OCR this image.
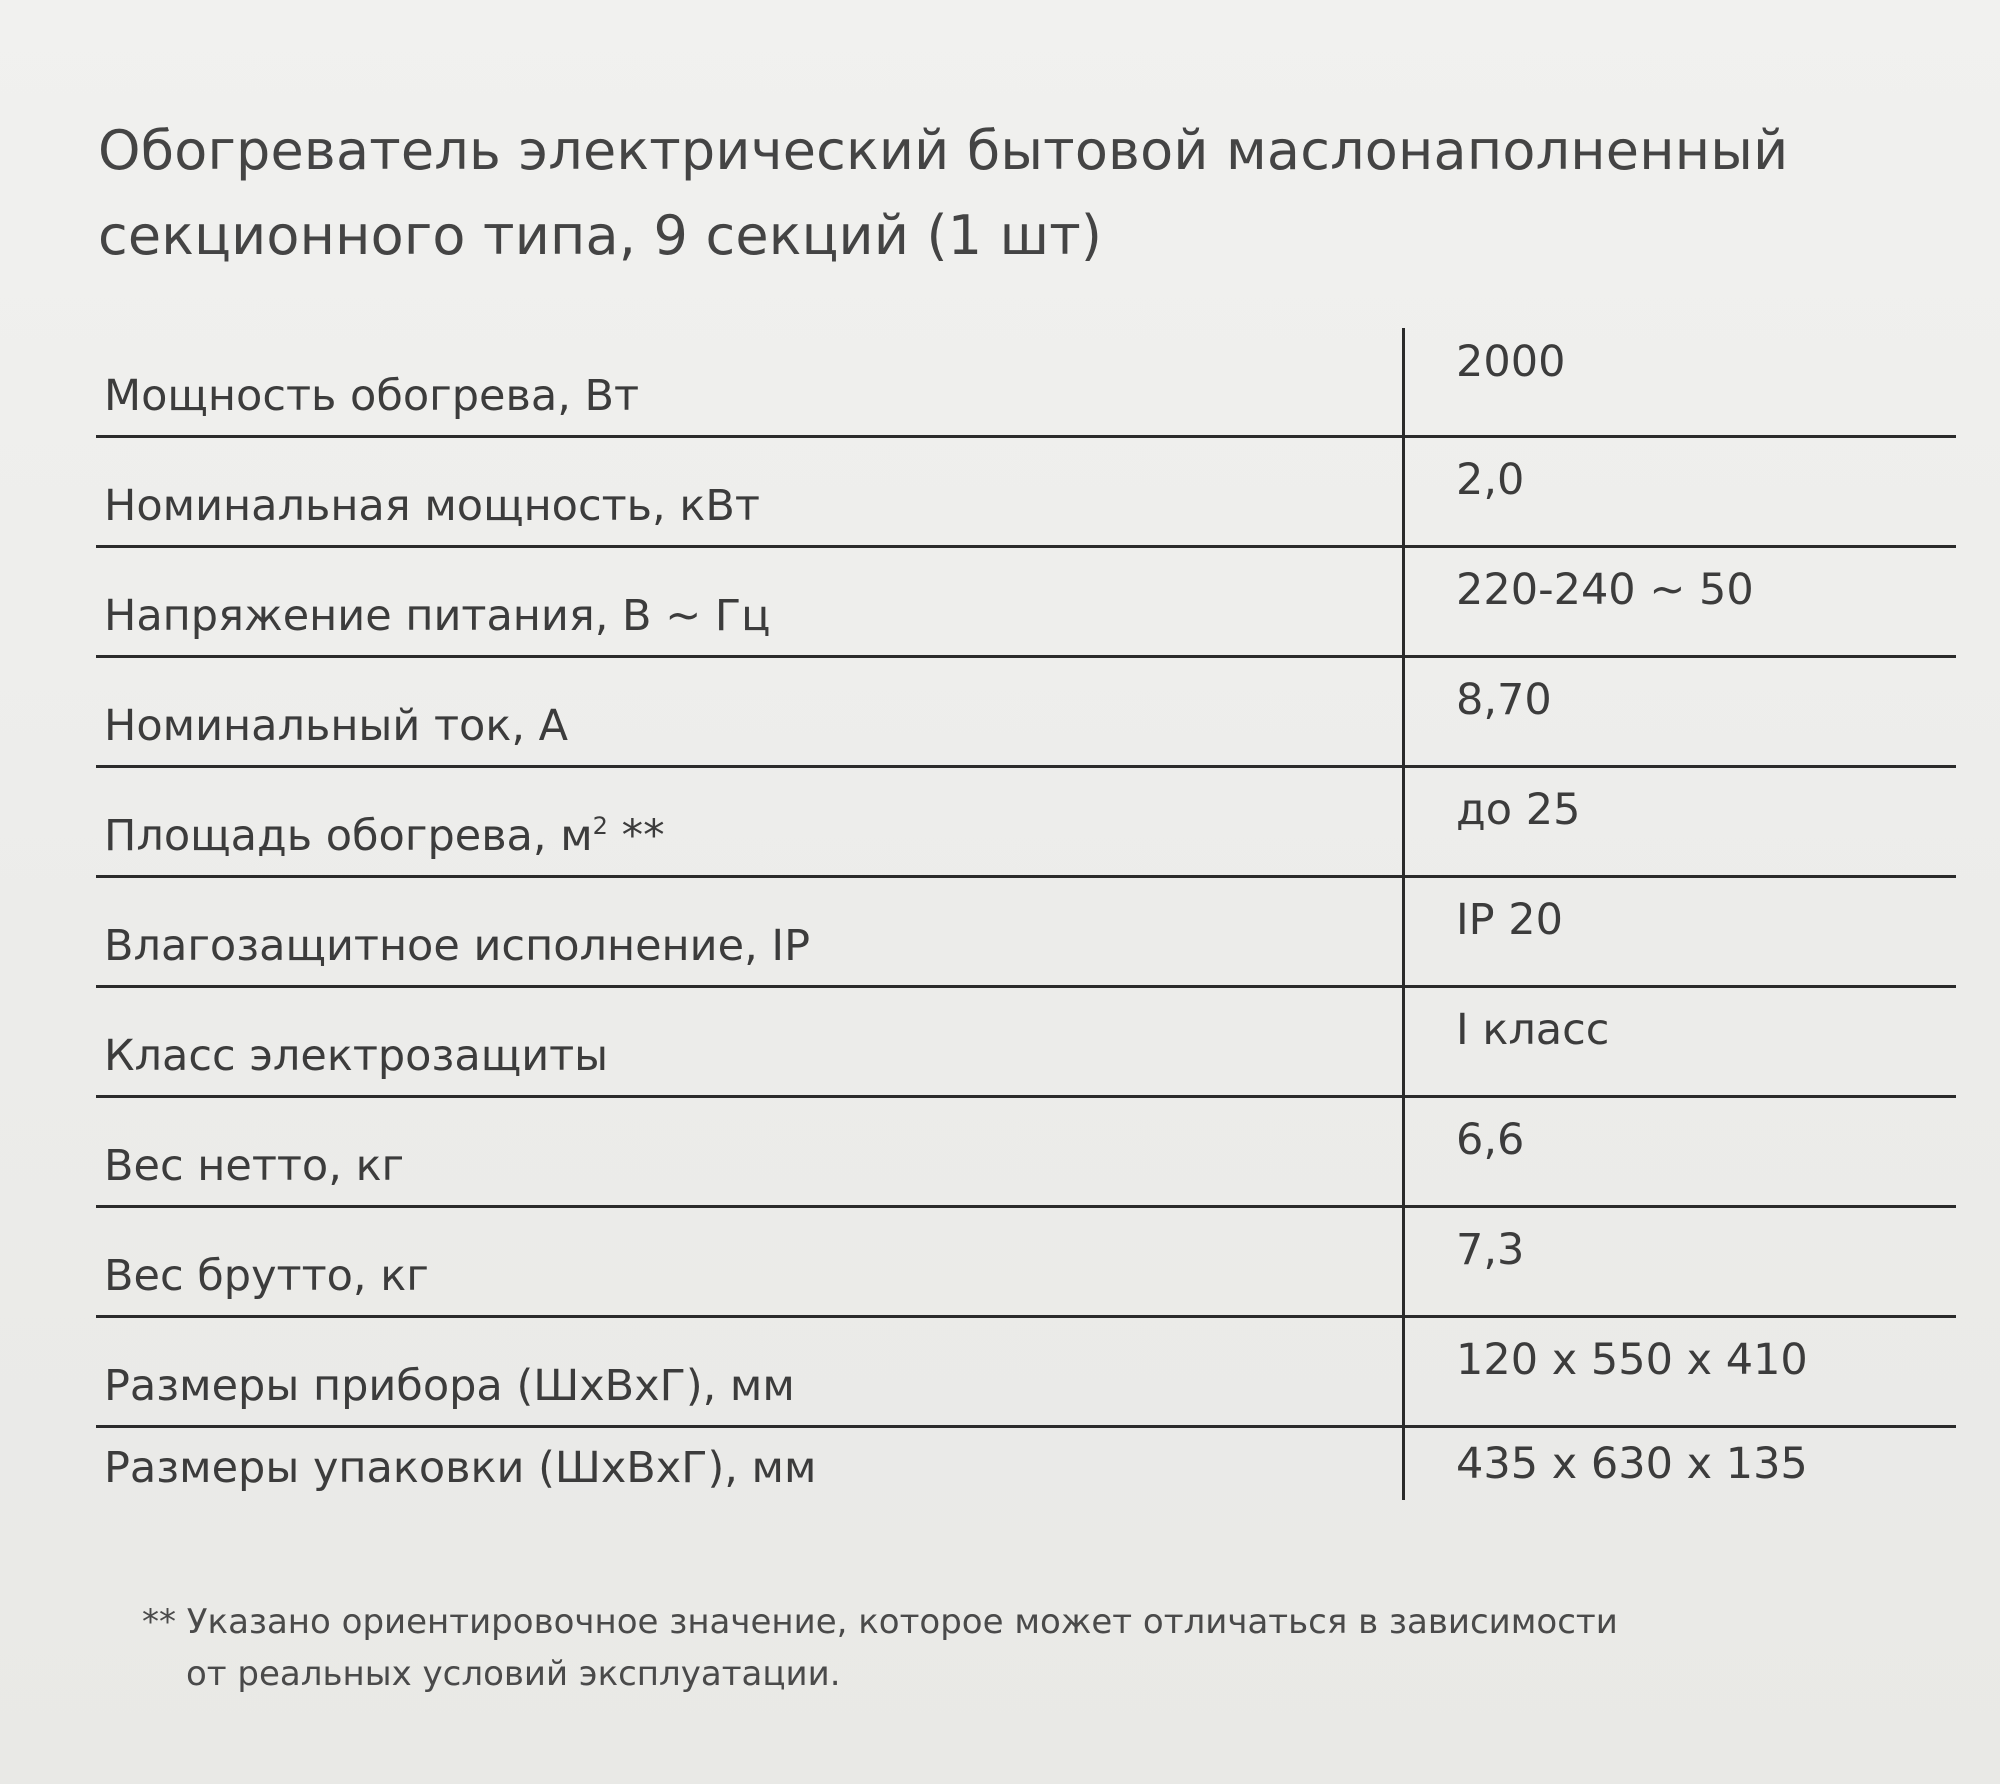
Обогреватель электрический бытовой маслонаполненный
секционного типа, 9 секций (1 шт)
Мощность обогрева, Вт
2000
Номинальная мощность, кВт
2,0
Напряжение питания, В ~ Гц
220-240 ~ 50
Номинальный ток, А
8,70
Площадь обогрева, $м^2$ **
до 25
Влагозащитное исполнение, IP
IP 20
Класс электрозащиты
I класс
Вес нетто, кг
6,6
Вес брутто, кг
7,3
Размеры прибора (ШхВхГ), мм
120 х 550 х 410
Размеры упаковки (ШхВхГ), мм	435 х 630 х 135

** Указано ориентировочное значение, которое может отличаться в зависимости
от реальных условий эксплуатации.
